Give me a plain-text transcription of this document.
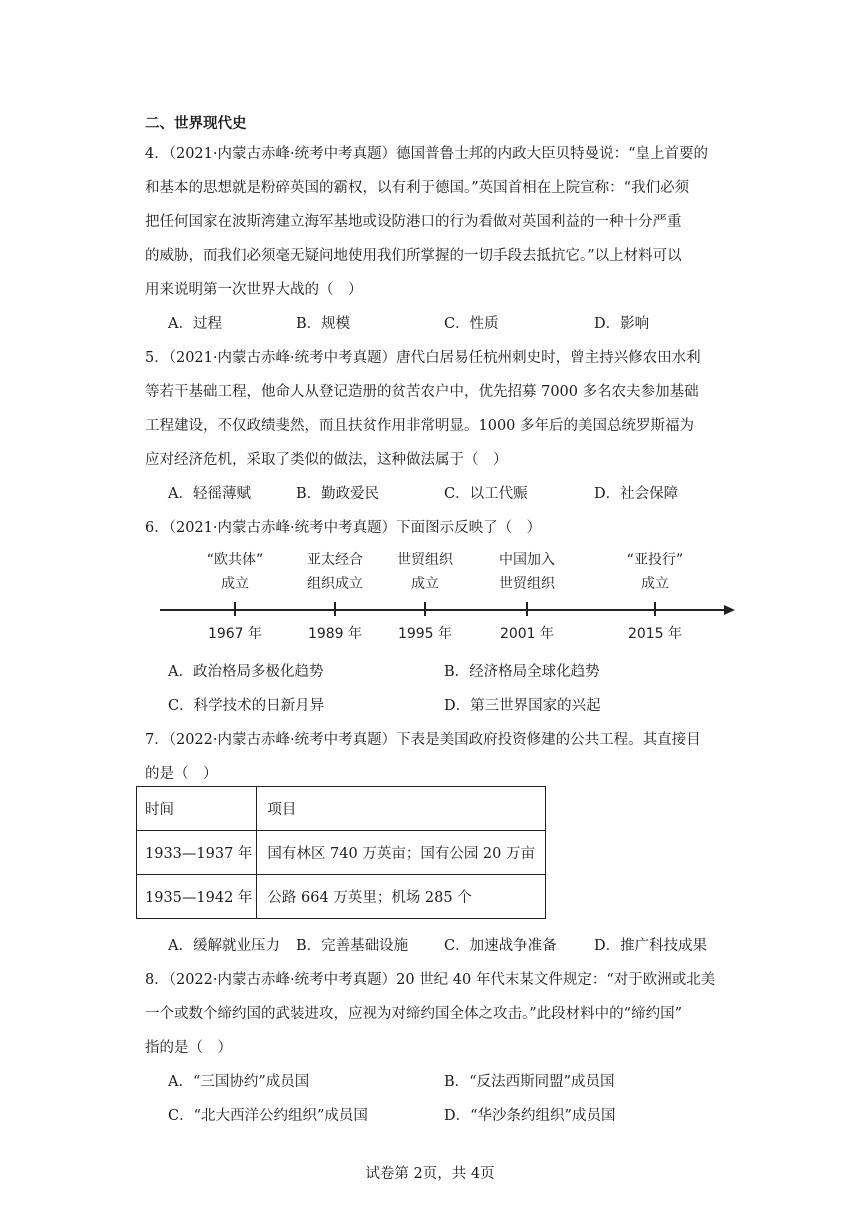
二、世界现代史
4．（2021·内蒙古赤峰·统考中考真题）德国普鲁士邦的内政大臣贝特曼说：“皇上首要的
和基本的思想就是粉碎英国的霸权，以有利于德国。”英国首相在上院宣称：“我们必须
把任何国家在波斯湾建立海军基地或设防港口的行为看做对英国利益的一种十分严重
的威胁，而我们必须毫无疑问地使用我们所掌握的一切手段去抵抗它。”以上材料可以
用来说明第一次世界大战的（　）
A．过程	B．规模	C．性质	D．影响
5．（2021·内蒙古赤峰·统考中考真题）唐代白居易任杭州刺史时，曾主持兴修农田水利
等若干基础工程，他命人从登记造册的贫苦农户中，优先招募 7000 多名农夫参加基础
工程建设，不仅政绩斐然，而且扶贫作用非常明显。1000 多年后的美国总统罗斯福为
应对经济危机，采取了类似的做法，这种做法属于（　）
A．轻徭薄赋	B．勤政爱民	C．以工代赈	D．社会保障
6．（2021·内蒙古赤峰·统考中考真题）下面图示反映了（　）
“欧共体”
成立
1967 年
亚太经合
组织成立
1989 年
世贸组织
成立
1995 年
中国加入
世贸组织
2001 年
“亚投行”
成立
2015 年
A．政治格局多极化趋势	B．经济格局全球化趋势
C．科学技术的日新月异	D．第三世界国家的兴起
7．（2022·内蒙古赤峰·统考中考真题）下表是美国政府投资修建的公共工程。其直接目
的是（　）
时间	项目
1933—1937 年	国有林区 740 万英亩；国有公园 20 万亩
1935—1942 年	公路 664 万英里；机场 285 个
A．缓解就业压力 B．完善基础设施 C．加速战争准备	D．推广科技成果
8．（2022·内蒙古赤峰·统考中考真题）20 世纪 40 年代末某文件规定：“对于欧洲或北美
一个或数个缔约国的武装进攻，应视为对缔约国全体之攻击。”此段材料中的“缔约国”
指的是（　）
A．“三国协约”成员国	B．“反法西斯同盟”成员国
C．“北大西洋公约组织”成员国	D．“华沙条约组织”成员国
试卷第 2页，共 4页
